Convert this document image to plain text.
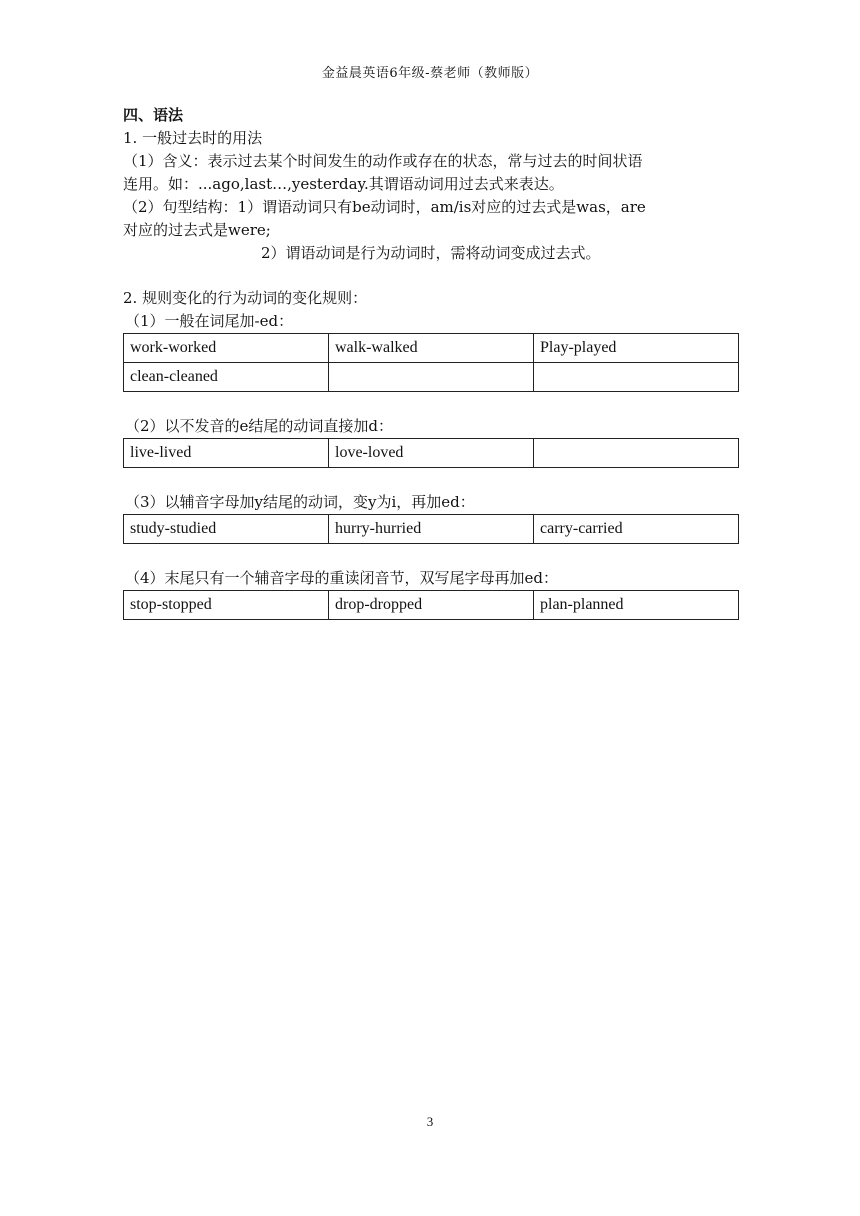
金益晨英语6年级-蔡老师（教师版）
四、语法
1. 一般过去时的用法
（1）含义：表示过去某个时间发生的动作或存在的状态，常与过去的时间状语
连用。如：...ago,last…,yesterday.其谓语动词用过去式来表达。
（2）句型结构：1）谓语动词只有be动词时，am/is对应的过去式是was，are
对应的过去式是were;
2）谓语动词是行为动词时，需将动词变成过去式。
2. 规则变化的行为动词的变化规则：
（1）一般在词尾加-ed：
work-worked	walk-walked	Play-played
clean-cleaned		
（2）以不发音的e结尾的动词直接加d：
live-lived	love-loved	
（3）以辅音字母加y结尾的动词，变y为i，再加ed：
study-studied	hurry-hurried	carry-carried
（4）末尾只有一个辅音字母的重读闭音节，双写尾字母再加ed：
stop-stopped	drop-dropped	plan-planned
3
